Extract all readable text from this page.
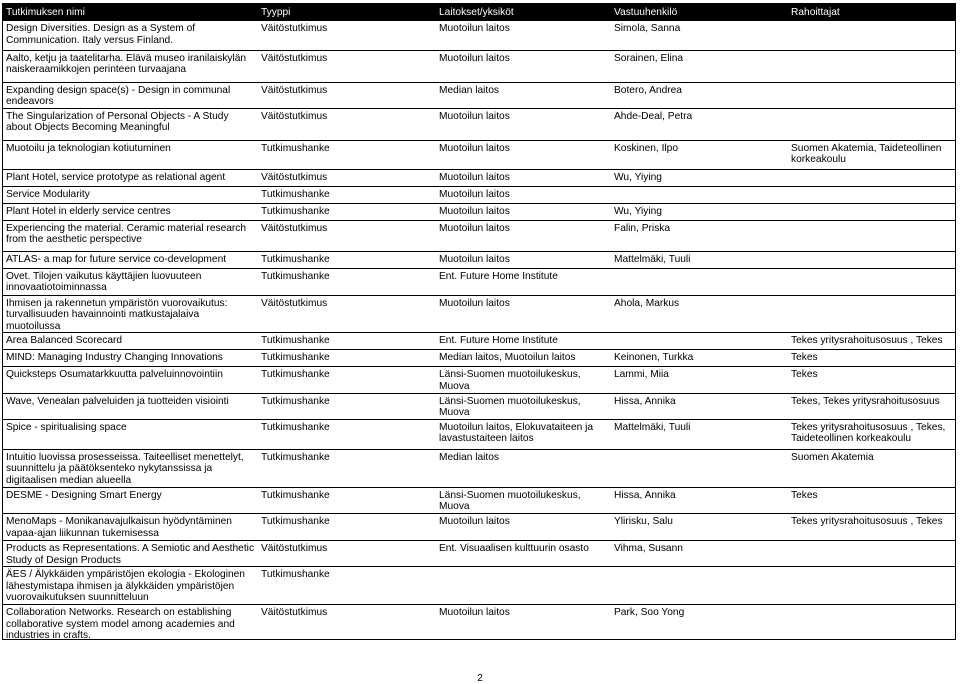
Tutkimuksen nimi	Tyyppi	Laitokset/yksiköt	Vastuuhenkilö	Rahoittajat
Design Diversities. Design as a System of Communication. Italy versus Finland.	Väitöstutkimus	Muotoilun laitos	Simola, Sanna	
Aalto, ketju ja taatelitarha. Elävä museo iranilaiskylän naiskeraamikkojen perinteen turvaajana	Väitöstutkimus	Muotoilun laitos	Sorainen, Elina	
Expanding design space(s) - Design in communal endeavors	Väitöstutkimus	Median laitos	Botero, Andrea	
The Singularization of Personal Objects - A Study about Objects Becoming Meaningful	Väitöstutkimus	Muotoilun laitos	Ahde-Deal, Petra	
Muotoilu ja teknologian kotiutuminen	Tutkimushanke	Muotoilun laitos	Koskinen, Ilpo	Suomen Akatemia, Taideteollinen korkeakoulu
Plant Hotel, service prototype as relational agent	Väitöstutkimus	Muotoilun laitos	Wu, Yiying	
Service Modularity	Tutkimushanke	Muotoilun laitos		
Plant Hotel in elderly service centres	Tutkimushanke	Muotoilun laitos	Wu, Yiying	
Experiencing the material. Ceramic material research from the aesthetic perspective	Väitöstutkimus	Muotoilun laitos	Falin, Priska	
ATLAS- a map for future service co-development	Tutkimushanke	Muotoilun laitos	Mattelmäki, Tuuli	
Ovet. Tilojen vaikutus käyttäjien luovuuteen innovaatiotoiminnassa	Tutkimushanke	Ent. Future Home Institute		
Ihmisen ja rakennetun ympäristön vuorovaikutus: turvallisuuden havainnointi matkustajalaiva muotoilussa	Väitöstutkimus	Muotoilun laitos	Ahola, Markus	
Area Balanced Scorecard	Tutkimushanke	Ent. Future Home Institute		Tekes yritysrahoitusosuus , Tekes
MIND: Managing Industry Changing Innovations	Tutkimushanke	Median laitos, Muotoilun laitos	Keinonen, Turkka	Tekes
Quicksteps Osumatarkkuutta palveluinnovointiin	Tutkimushanke	Länsi-Suomen muotoilukeskus, Muova	Lammi, Miia	Tekes
Wave, Venealan palveluiden ja tuotteiden visiointi	Tutkimushanke	Länsi-Suomen muotoilukeskus, Muova	Hissa, Annika	Tekes, Tekes yritysrahoitusosuus
Spice - spiritualising space	Tutkimushanke	Muotoilun laitos, Elokuvataiteen ja lavastustaiteen laitos	Mattelmäki, Tuuli	Tekes yritysrahoitusosuus , Tekes, Taideteollinen korkeakoulu
Intuitio luovissa prosesseissa. Taiteelliset menettelyt, suunnittelu ja päätöksenteko nykytanssissa ja digitaalisen median alueella	Tutkimushanke	Median laitos		Suomen Akatemia
DESME - Designing Smart Energy	Tutkimushanke	Länsi-Suomen muotoilukeskus, Muova	Hissa, Annika	Tekes
MenoMaps - Monikanavajulkaisun hyödyntäminen vapaa-ajan liikunnan tukemisessa	Tutkimushanke	Muotoilun laitos	Ylirisku, Salu	Tekes yritysrahoitusosuus , Tekes
Products as Representations. A Semiotic and Aesthetic Study of Design Products	Väitöstutkimus	Ent. Visuaalisen kulttuurin osasto	Vihma, Susann	
ÄES / Älykkäiden ympäristöjen ekologia - Ekologinen lähestymistapa ihmisen ja älykkäiden ympäristöjen vuorovaikutuksen suunnitteluun	Tutkimushanke			
Collaboration Networks. Research on establishing collaborative system model among academies and industries in crafts.	Väitöstutkimus	Muotoilun laitos	Park, Soo Yong	
2
